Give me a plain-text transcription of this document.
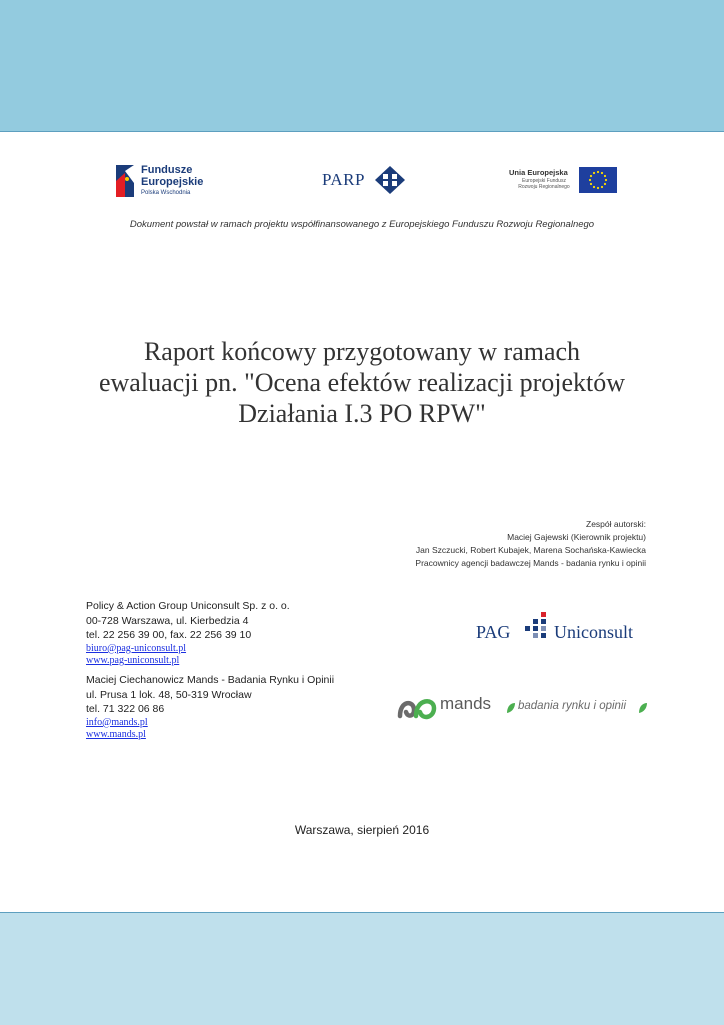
Fundusze
Europejskie
Polska Wschodnia
PARP	Unia Europejska
Europejski Fundusz
Rozwoju Regionalnego
Dokument powstał w ramach projektu współfinansowanego z Europejskiego Funduszu Rozwoju Regionalnego
Raport końcowy przygotowany w ramach
ewaluacji pn. "Ocena efektów realizacji projektów
Działania I.3 PO RPW"
Zespół autorski:
Maciej Gajewski (Kierownik projektu)
Jan Szczucki, Robert Kubajek, Marena Sochańska-Kawiecka
Pracownicy agencji badawczej Mands - badania rynku i opinii
Policy & Action Group Uniconsult Sp. z o. o.
00-728 Warszawa, ul. Kierbedzia 4
tel. 22 256 39 00, fax. 22 256 39 10
biuro@pag-uniconsult.pl
www.pag-uniconsult.pl
Maciej Ciechanowicz Mands - Badania Rynku i Opinii
ul. Prusa 1 lok. 48, 50-319 Wrocław
tel. 71 322 06 86
info@mands.pl
www.mands.pl
PAG Uniconsult
mands badania rynku i opinii
Warszawa, sierpień 2016
